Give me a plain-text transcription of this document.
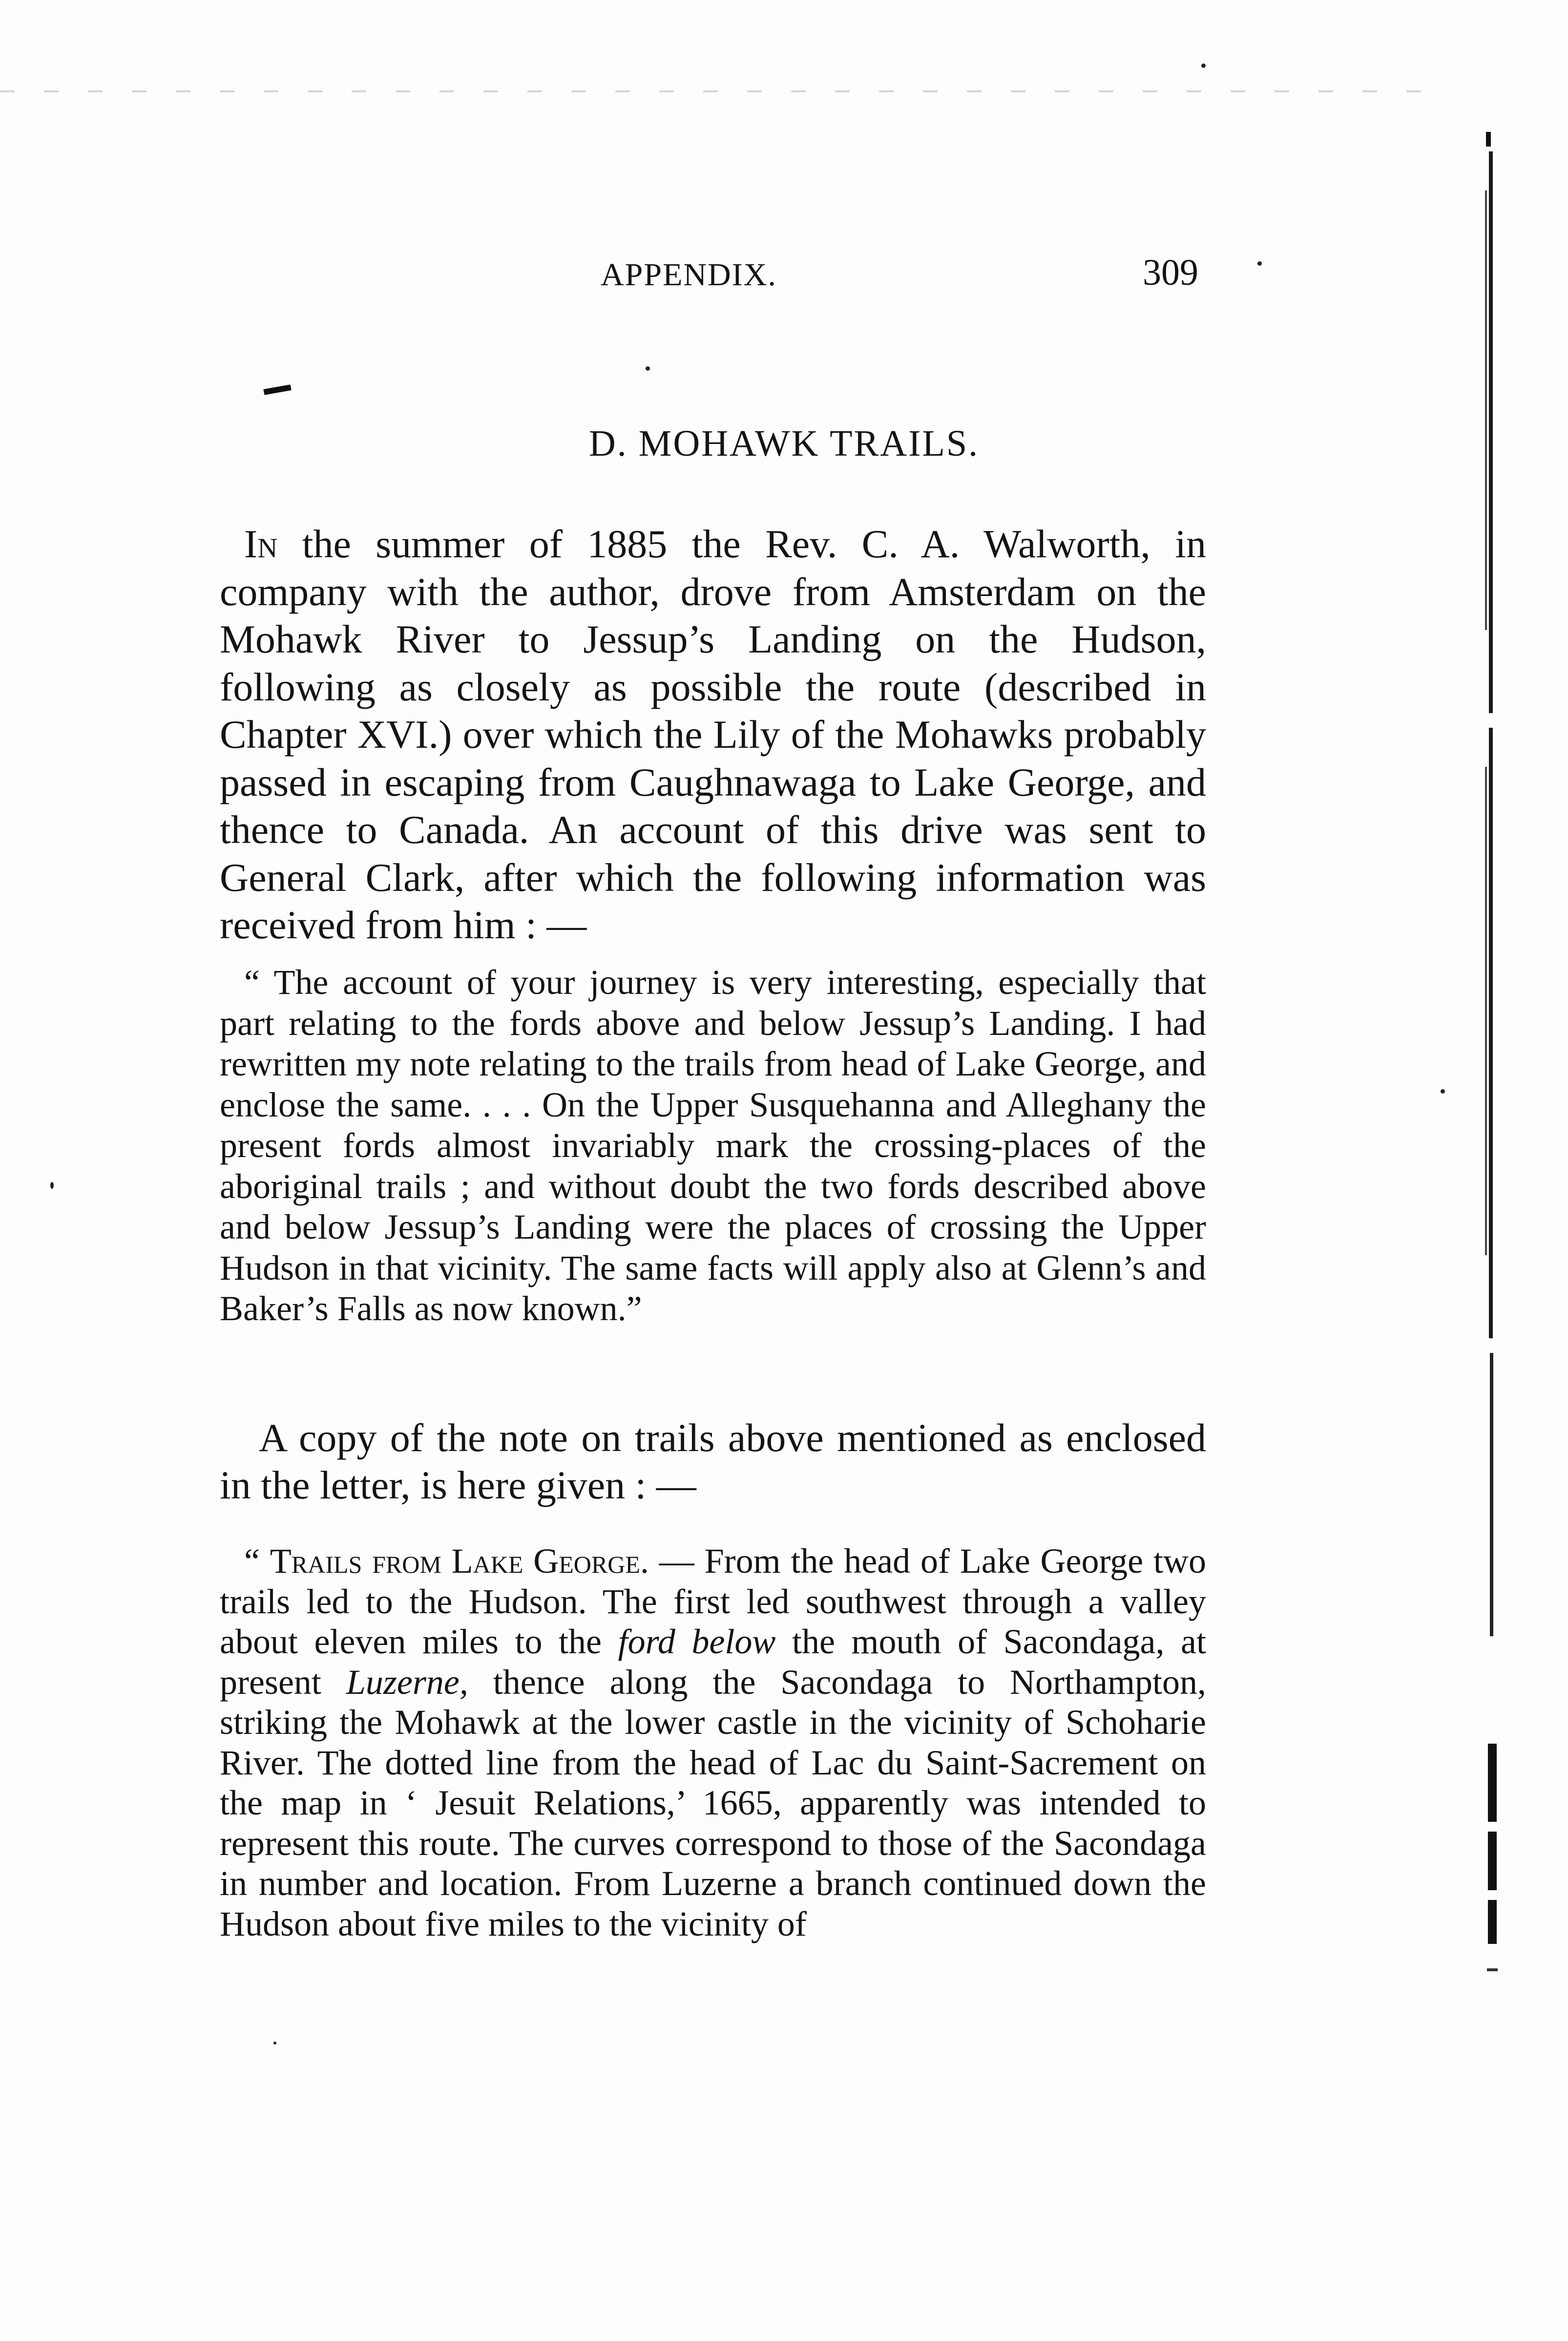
APPENDIX.	309
D. MOHAWK TRAILS.

In the summer of 1885 the Rev. C. A. Walworth, in company with the author, drove from Amsterdam on the Mohawk River to Jessup’s Landing on the Hudson, following as closely as possible the route (described in Chapter XVI.) over which the Lily of the Mohawks probably passed in escaping from Caughnawaga to Lake George, and thence to Canada. An account of this drive was sent to General Clark, after which the following information was received from him : —

“ The account of your journey is very interesting, especially that part relating to the fords above and below Jessup’s Landing. I had rewritten my note relating to the trails from head of Lake George, and enclose the same. . . . On the Upper Susquehanna and Alleghany the present fords almost invariably mark the crossing-places of the aboriginal trails ; and without doubt the two fords described above and below Jessup’s Landing were the places of crossing the Upper Hudson in that vicinity. The same facts will apply also at Glenn’s and Baker’s Falls as now known.”

A copy of the note on trails above mentioned as enclosed in the letter, is here given : —

“ Trails from Lake George. — From the head of Lake George two trails led to the Hudson. The first led southwest through a valley about eleven miles to the ford below the mouth of Sacondaga, at present Luzerne, thence along the Sacondaga to Northampton, striking the Mohawk at the lower castle in the vicinity of Schoharie River. The dotted line from the head of Lac du Saint-Sacrement on the map in ‘ Jesuit Relations,’ 1665, apparently was intended to represent this route. The curves correspond to those of the Sacondaga in number and location. From Luzerne a branch continued down the Hudson about five miles to the vicinity of
